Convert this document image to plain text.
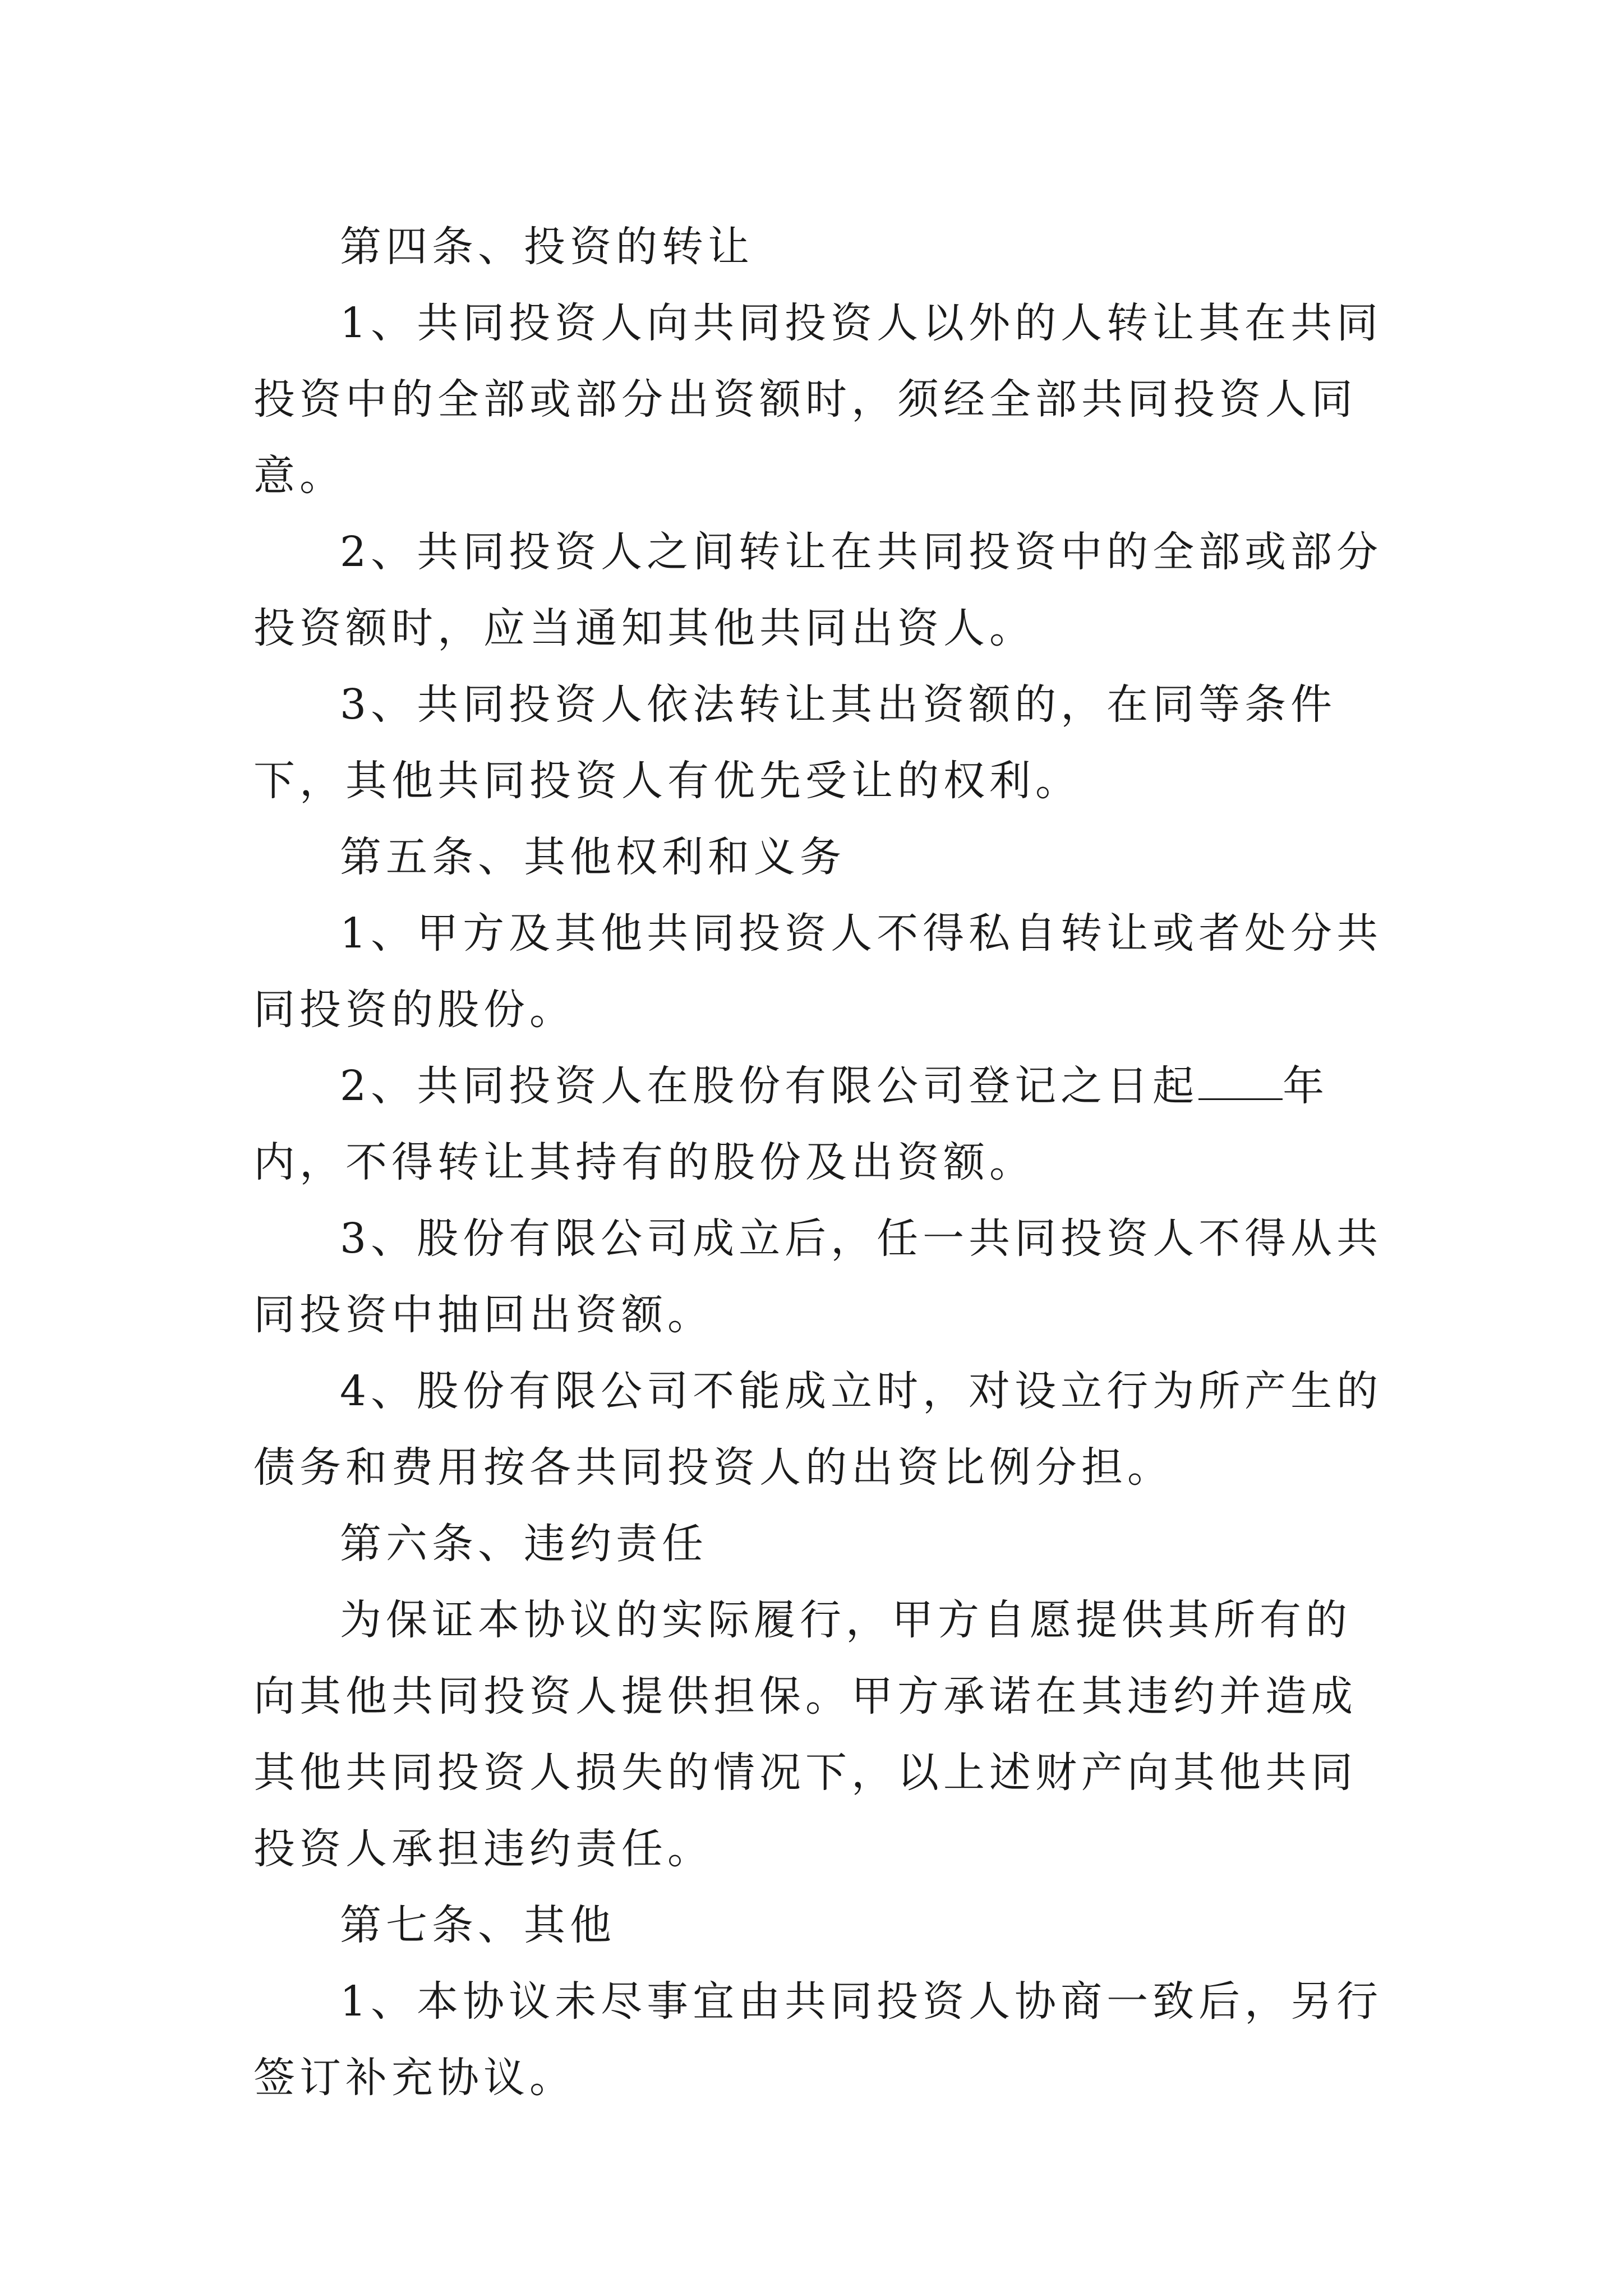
第四条、投资的转让

1、共同投资人向共同投资人以外的人转让其在共同投资中的全部或部分出资额时，须经全部共同投资人同意。

2、共同投资人之间转让在共同投资中的全部或部分投资额时，应当通知其他共同出资人。

3、共同投资人依法转让其出资额的，在同等条件下，其他共同投资人有优先受让的权利。

第五条、其他权利和义务

1、甲方及其他共同投资人不得私自转让或者处分共同投资的股份。

2、共同投资人在股份有限公司登记之日起 年内，不得转让其持有的股份及出资额。

3、股份有限公司成立后，任一共同投资人不得从共同投资中抽回出资额。

4、股份有限公司不能成立时，对设立行为所产生的债务和费用按各共同投资人的出资比例分担。

第六条、违约责任

为保证本协议的实际履行，甲方自愿提供其所有的向其他共同投资人提供担保。甲方承诺在其违约并造成其他共同投资人损失的情况下，以上述财产向其他共同投资人承担违约责任。

第七条、其他

1、本协议未尽事宜由共同投资人协商一致后，另行签订补充协议。
